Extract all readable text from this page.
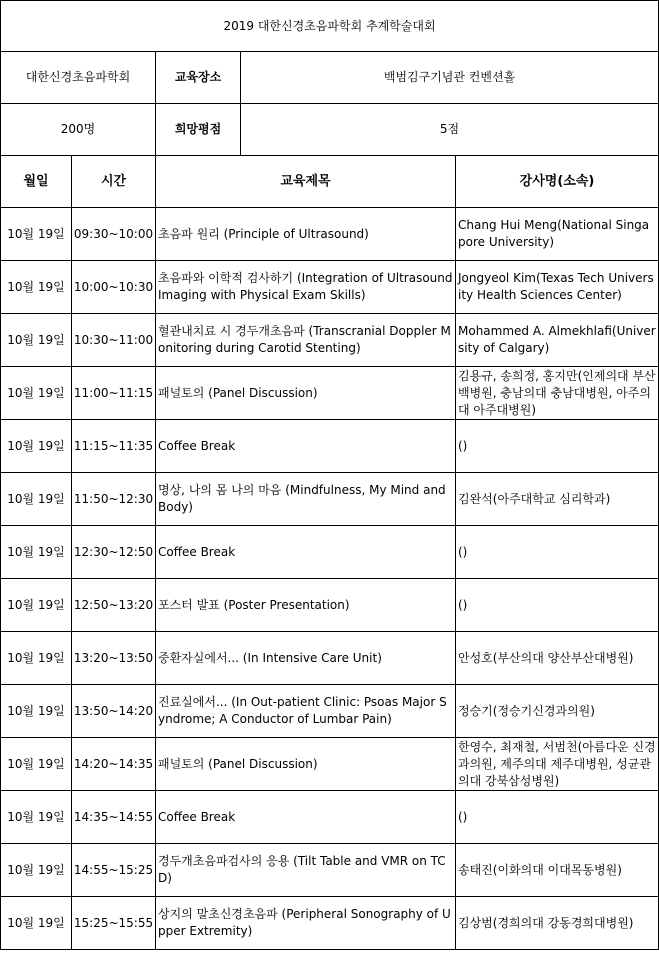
2019 대한신경초음파학회 추계학술대회				
대한신경초음파학회		교육장소	백범김구기념관 컨벤션홀	
200명		희망평점	5점	
월일	시간	교육제목		강사명(소속)
10월 19일	09:30~10:00	초음파 원리 (Principle of Ultrasound)		Chang Hui Meng(National Singapore University)
10월 19일	10:00~10:30	초음파와 이학적 검사하기 (Integration of Ultrasound Imaging with Physical Exam Skills)		Jongyeol Kim(Texas Tech University Health Sciences Center)
10월 19일	10:30~11:00	혈관내치료 시 경두개초음파 (Transcranial Doppler Monitoring during Carotid Stenting)		Mohammed A. Almekhlafi(University of Calgary)
10월 19일	11:00~11:15	패널토의 (Panel Discussion)		김용규, 송희정, 홍지만(인제의대 부산백병원, 충남의대 충남대병원, 아주의대 아주대병원)
10월 19일	11:15~11:35	Coffee Break		()
10월 19일	11:50~12:30	명상, 나의 몸 나의 마음 (Mindfulness, My Mind and Body)		김완석(아주대학교 심리학과)
10월 19일	12:30~12:50	Coffee Break		()
10월 19일	12:50~13:20	포스터 발표 (Poster Presentation)		()
10월 19일	13:20~13:50	중환자실에서... (In Intensive Care Unit)		안성호(부산의대 양산부산대병원)
10월 19일	13:50~14:20	진료실에서... (In Out-patient Clinic: Psoas Major Syndrome; A Conductor of Lumbar Pain)		정승기(정승기신경과의원)
10월 19일	14:20~14:35	패널토의 (Panel Discussion)		한영수, 최재철, 서범천(아름다운 신경과의원, 제주의대 제주대병원, 성균관의대 강북삼성병원)
10월 19일	14:35~14:55	Coffee Break		()
10월 19일	14:55~15:25	경두개초음파검사의 응용 (Tilt Table and VMR on TCD)		송태진(이화의대 이대목동병원)
10월 19일	15:25~15:55	상지의 말초신경초음파 (Peripheral Sonography of Upper Extremity)		김상범(경희의대 강동경희대병원)
